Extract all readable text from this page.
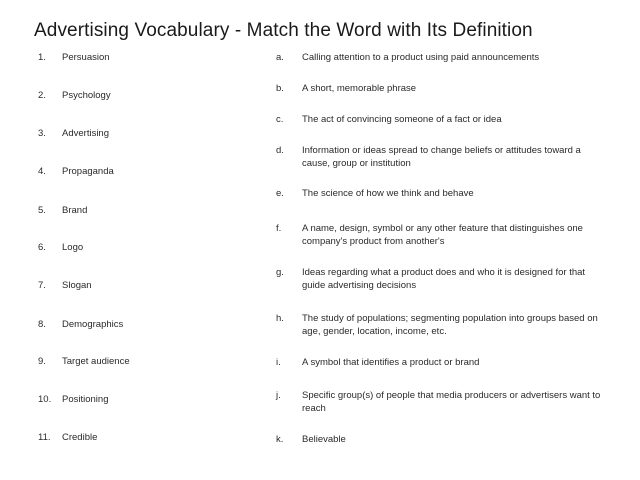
Advertising Vocabulary - Match the Word with Its Definition
1. Persuasion
2. Psychology
3. Advertising
4. Propaganda
5. Brand
6. Logo
7. Slogan
8. Demographics
9. Target audience
10. Positioning
11. Credible
a.	Calling attention to a product using paid announcements
b.	A short, memorable phrase
c.	The act of convincing someone of a fact or idea
d.	Information or ideas spread to change beliefs or attitudes toward a cause, group or institution
e.	The science of how we think and behave
f.	A name, design, symbol or any other feature that distinguishes one company's product from another's
g.	Ideas regarding what a product does and who it is designed for that guide advertising decisions
h.	The study of populations; segmenting population into groups based on age, gender, location, income, etc.
i.	A symbol that identifies a product or brand
j.	Specific group(s) of people that media producers or advertisers want to reach
k.	Believable
